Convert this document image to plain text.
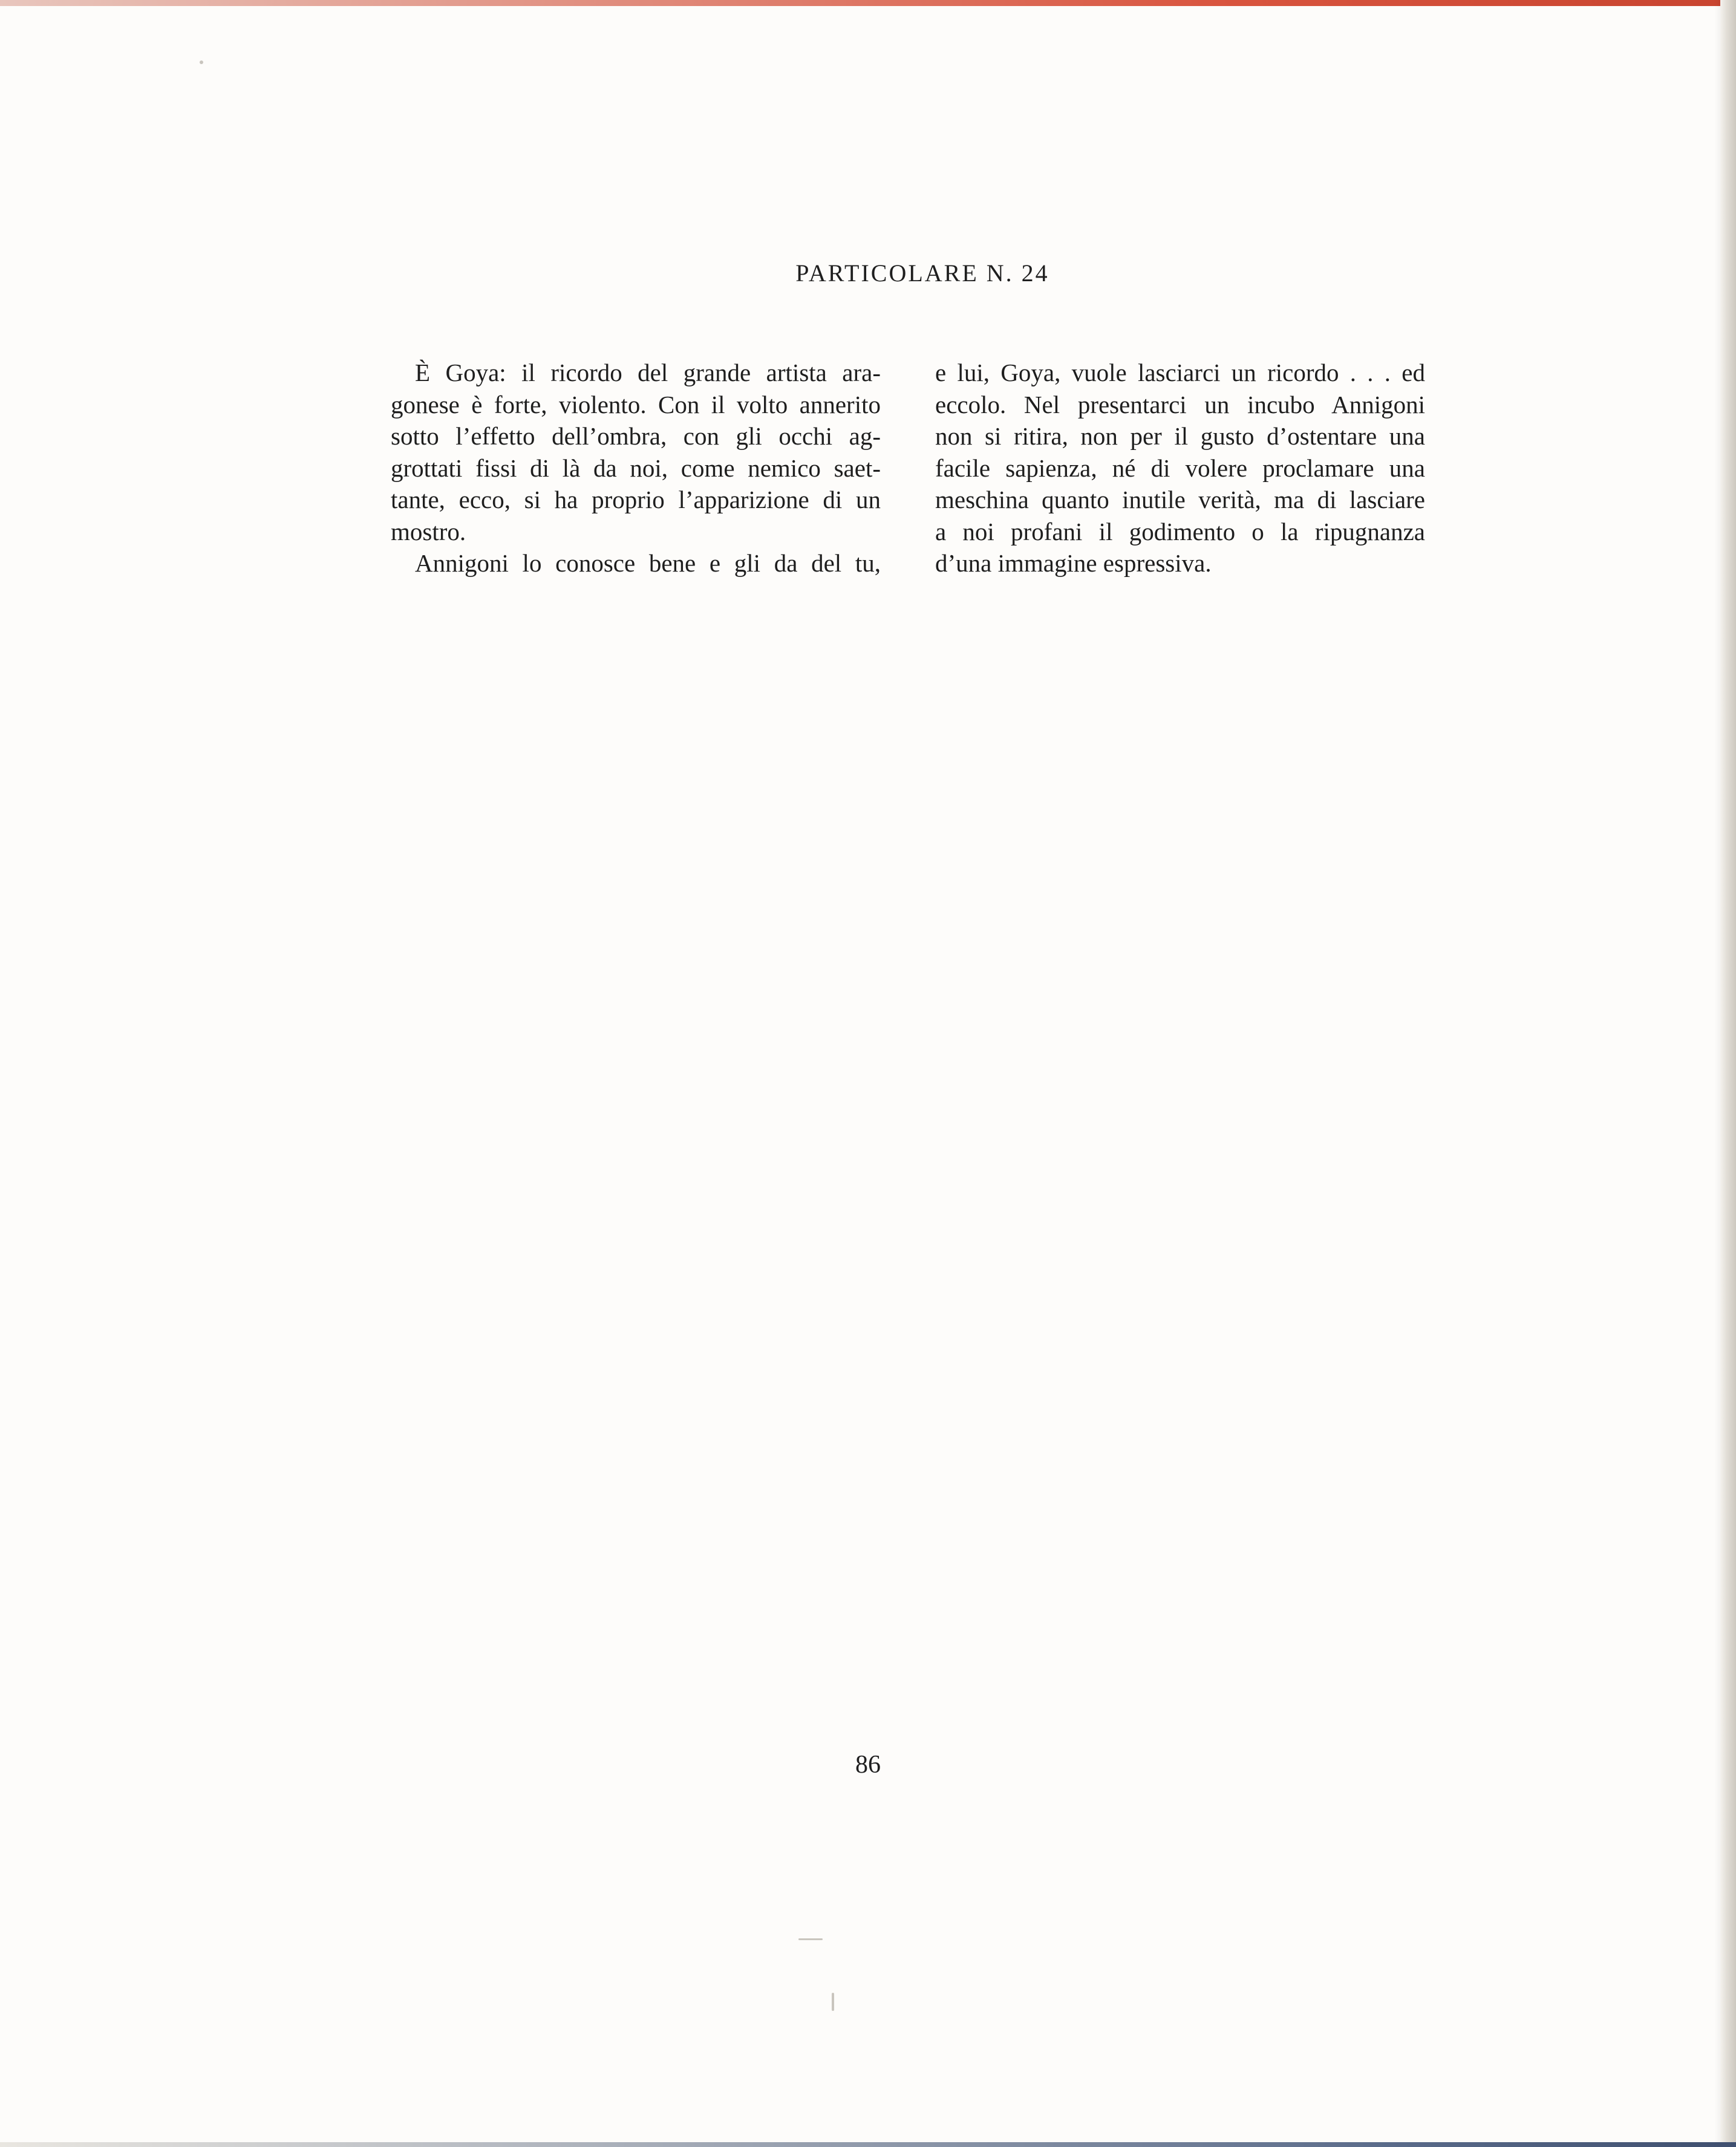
PARTICOLARE N. 24
È Goya: il ricordo del grande artista ara-
gonese è forte, violento. Con il volto annerito
sotto l’effetto dell’ombra, con gli occhi ag-
grottati fissi di là da noi, come nemico saet-
tante, ecco, si ha proprio l’apparizione di un
mostro.
Annigoni lo conosce bene e gli da del tu,
e lui, Goya, vuole lasciarci un ricordo . . . ed
eccolo. Nel presentarci un incubo Annigoni
non si ritira, non per il gusto d’ostentare una
facile sapienza, né di volere proclamare una
meschina quanto inutile verità, ma di lasciare
a noi profani il godimento o la ripugnanza
d’una immagine espressiva.
86
